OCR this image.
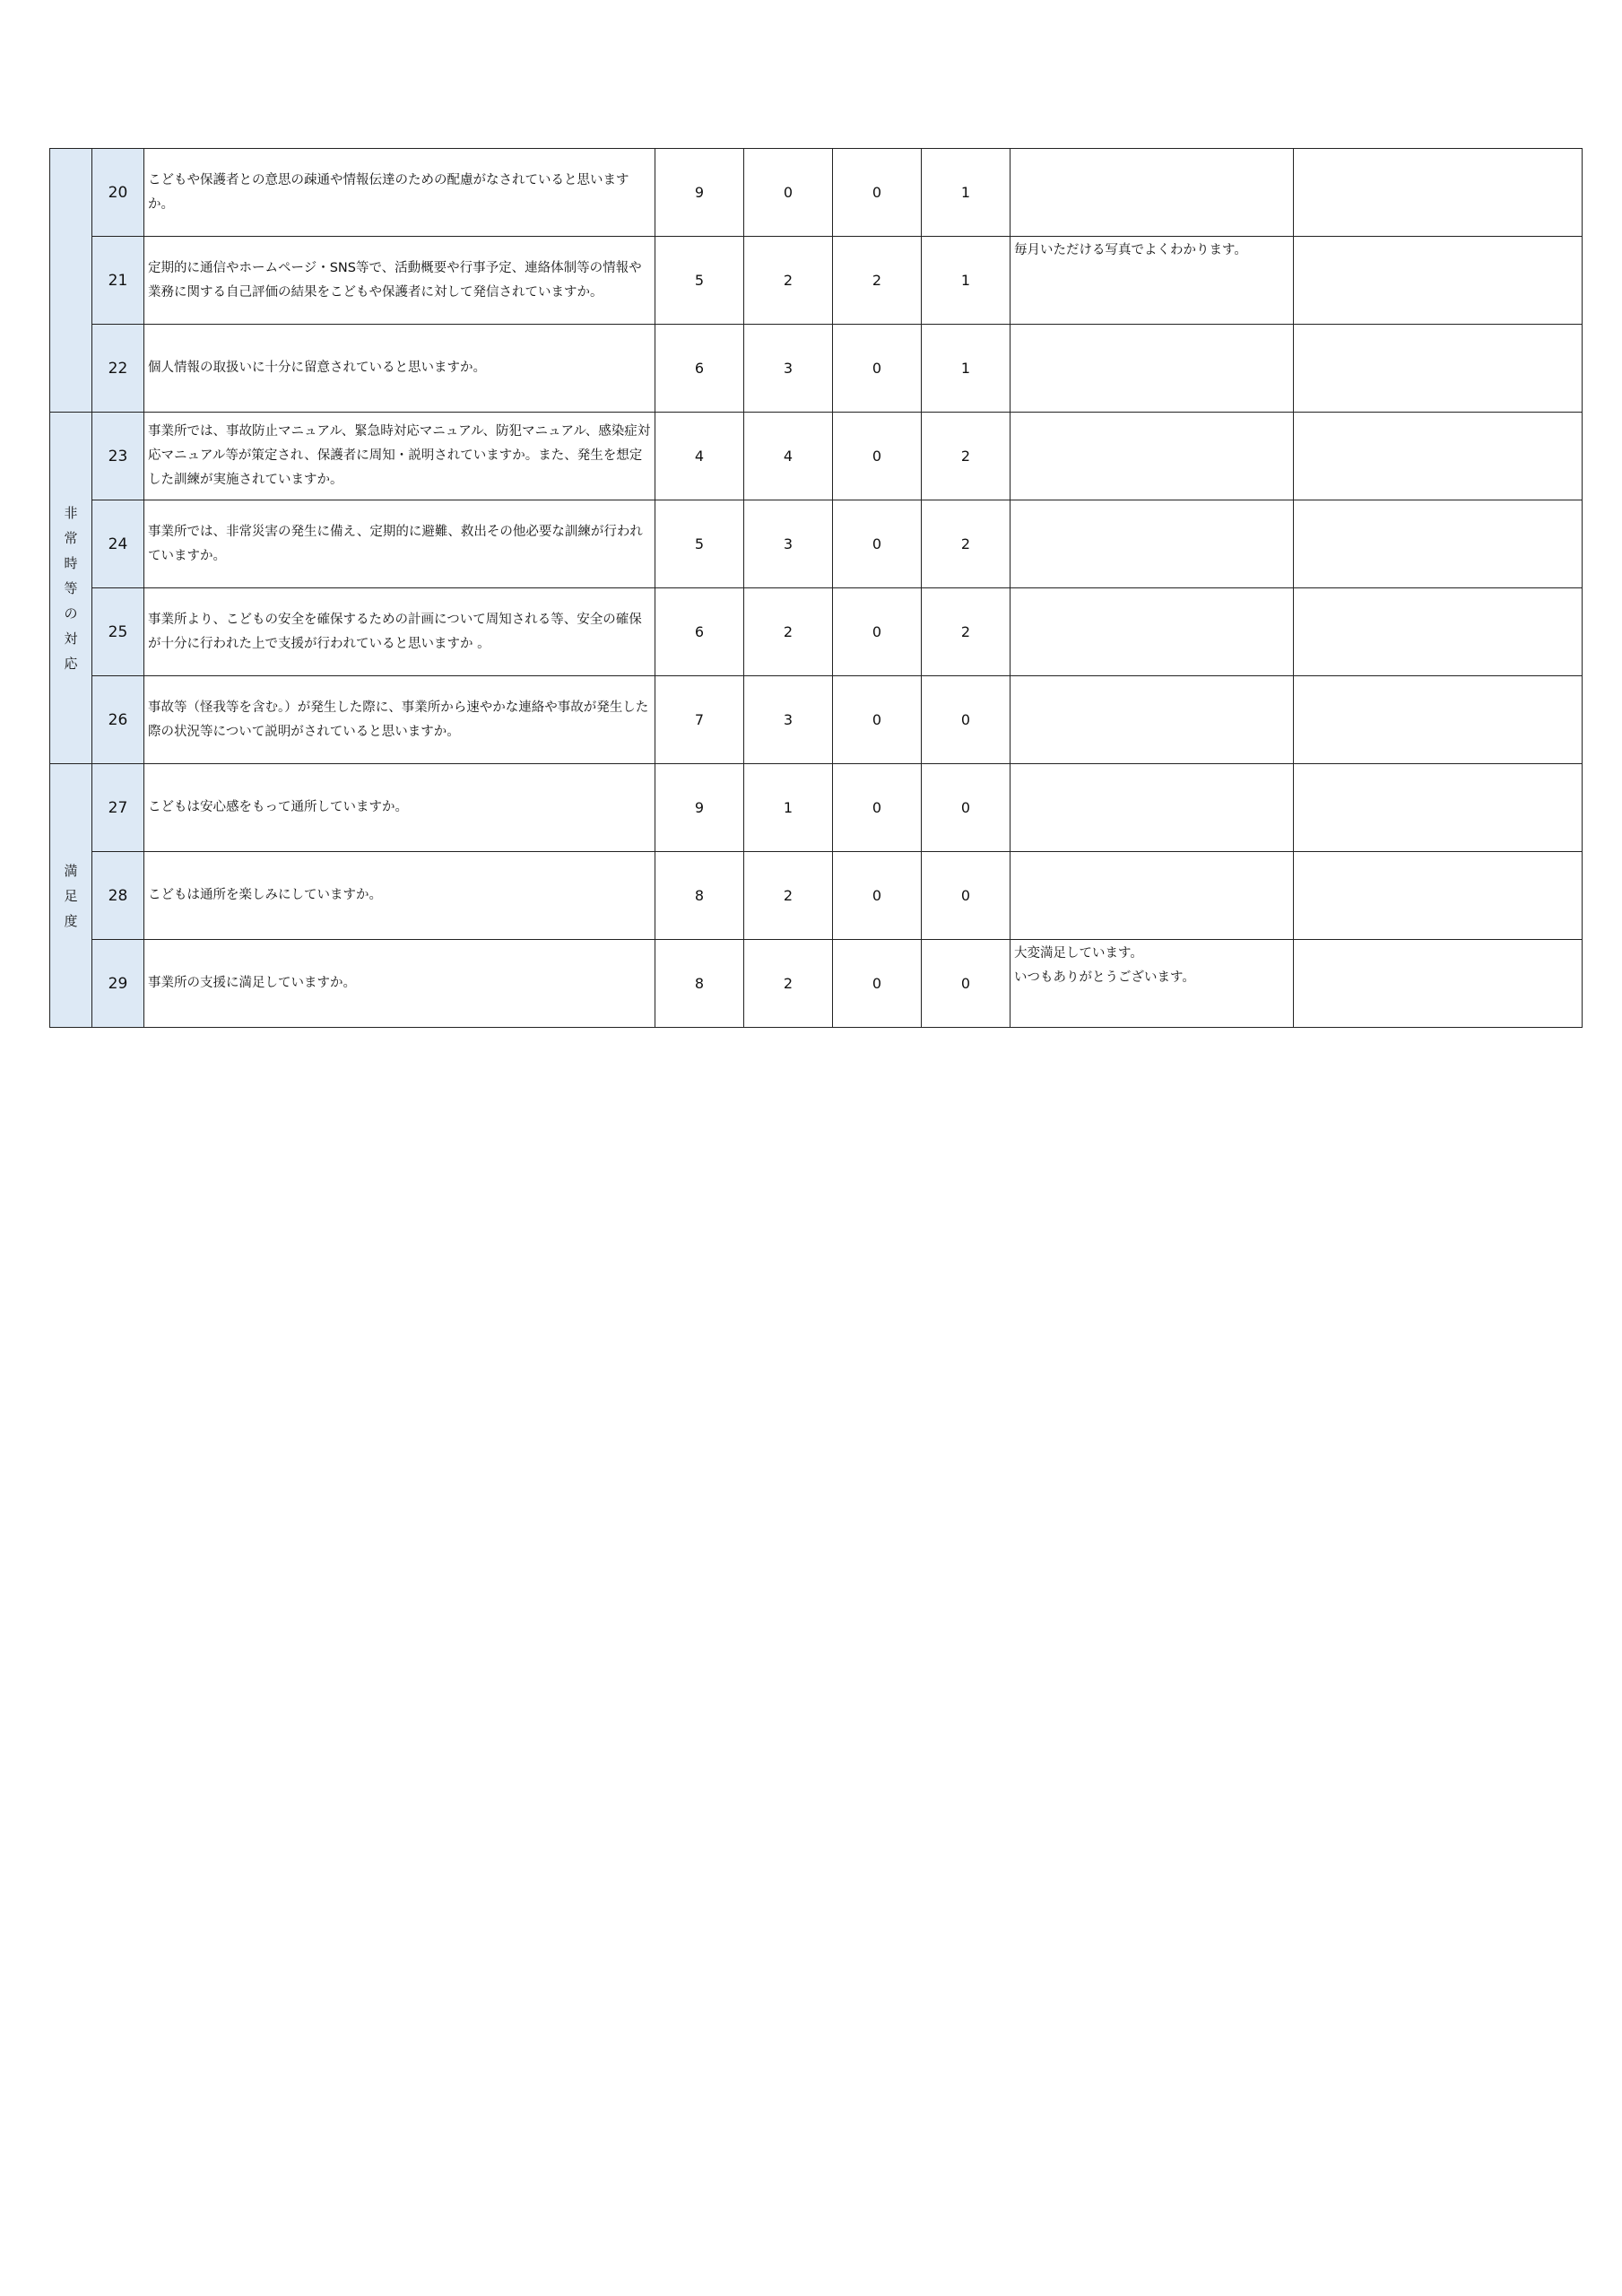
	20	こどもや保護者との意思の疎通や情報伝達のための配慮がなされていると思いますか。	9	0	0	1		
	21	定期的に通信やホームページ・SNS等で、活動概要や行事予定、連絡体制等の情報や業務に関する自己評価の結果をこどもや保護者に対して発信されていますか。	5	2	2	1	毎月いただける写真でよくわかります。	
	22	個人情報の取扱いに十分に留意されていると思いますか。	6	3	0	1		
非常時等の対応	23	事業所では、事故防止マニュアル、緊急時対応マニュアル、防犯マニュアル、感染症対応マニュアル等が策定され、保護者に周知・説明されていますか。また、発生を想定した訓練が実施されていますか。	4	4	0	2		
	24	事業所では、非常災害の発生に備え、定期的に避難、救出その他必要な訓練が行われていますか。	5	3	0	2		
	25	事業所より、こどもの安全を確保するための計画について周知される等、安全の確保が十分に行われた上で支援が行われていると思いますか 。	6	2	0	2		
	26	事故等（怪我等を含む。）が発生した際に、事業所から速やかな連絡や事故が発生した際の状況等について説明がされていると思いますか。	7	3	0	0		
満足度	27	こどもは安心感をもって通所していますか。	9	1	0	0		
	28	こどもは通所を楽しみにしていますか。	8	2	0	0		
	29	事業所の支援に満足していますか。	8	2	0	0	大変満足しています。
いつもありがとうございます。	
